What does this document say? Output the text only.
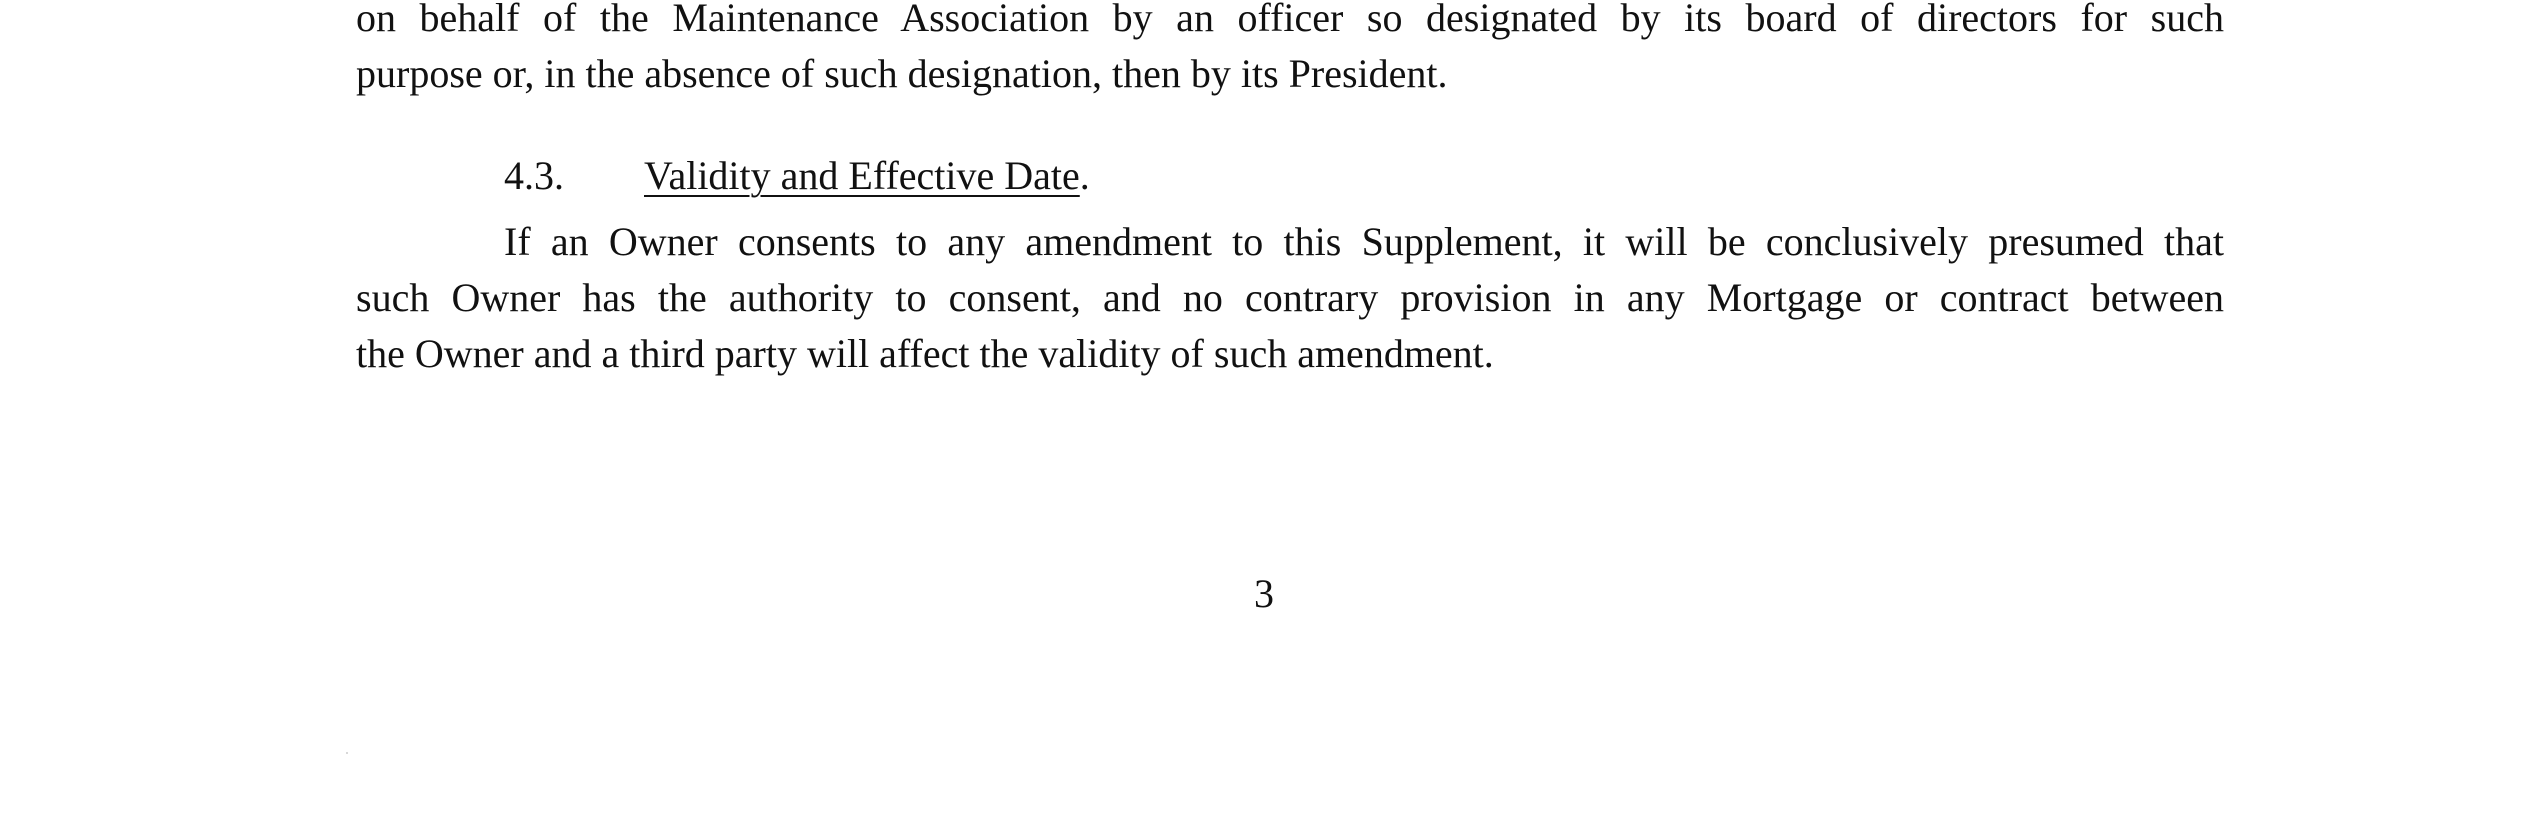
on behalf of the Maintenance Association by an officer so designated by its board of directors for such
purpose or, in the absence of such designation, then by its President.

4.3. Validity and Effective Date.

If an Owner consents to any amendment to this Supplement, it will be conclusively presumed that
such Owner has the authority to consent, and no contrary provision in any Mortgage or contract between
the Owner and a third party will affect the validity of such amendment.

3
